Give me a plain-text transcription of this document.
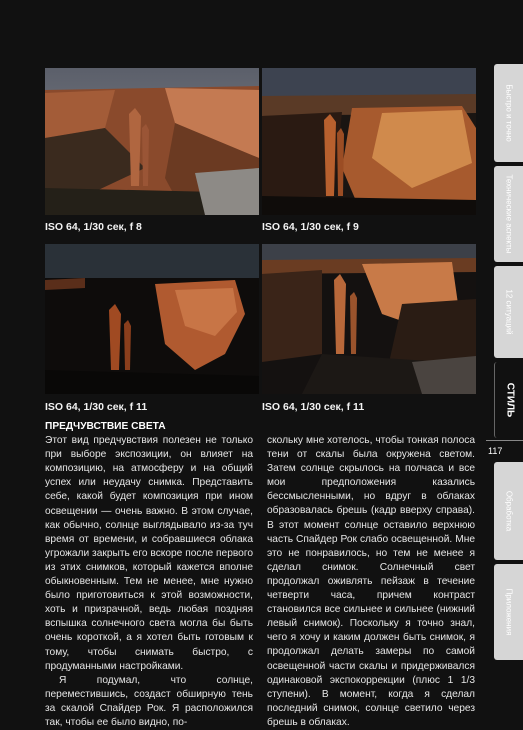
ISO 64, 1/30 сек, f 8	ISO 64, 1/30 сек, f 9
ISO 64, 1/30 сек, f 11	ISO 64, 1/30 сек, f 11
ПРЕДЧУВСТВИЕ СВЕТА

Этот вид предчувствия полезен не только при выборе экспозиции, он влияет на композицию, на атмосферу и на общий успех или неудачу снимка. Представить себе, какой будет композиция при ином освещении — очень важно. В этом случае, как обычно, солнце выглядывало из-за туч время от времени, и собравшиеся облака угрожали закрыть его вскоре после первого из этих снимков, который кажется вполне обыкновенным. Тем не менее, мне нужно было приготовиться к этой возможности, хоть и призрачной, ведь любая поздняя вспышка солнечного света могла бы быть очень короткой, а я хотел быть готовым к тому, чтобы снимать быстро, с продуманными настройками.

Я подумал, что солнце, переместившись, создаст обширную тень за скалой Спайдер Рок. Я расположился так, чтобы ее было видно, по-

скольку мне хотелось, чтобы тонкая полоса тени от скалы была окружена светом. Затем солнце скрылось на полчаса и все мои предположения казались бессмысленными, но вдруг в облаках образовалась брешь (кадр вверху справа). В этот момент солнце оставило верхнюю часть Спайдер Рок слабо освещенной. Мне это не понравилось, но тем не менее я сделал снимок. Солнечный свет продолжал оживлять пейзаж в течение четверти часа, причем контраст становился все сильнее и сильнее (нижний левый снимок). Поскольку я точно знал, чего я хочу и каким должен быть снимок, я продолжал делать замеры по самой освещенной части скалы и придерживался одинаковой экспокоррекции (плюс 1 1/3 ступени). В момент, когда я сделал последний снимок, солнце светило через брешь в облаках.

Быстро и точно
Технические аспекты
12 ситуаций
СТИЛЬ
117
Обработка
Приложения
